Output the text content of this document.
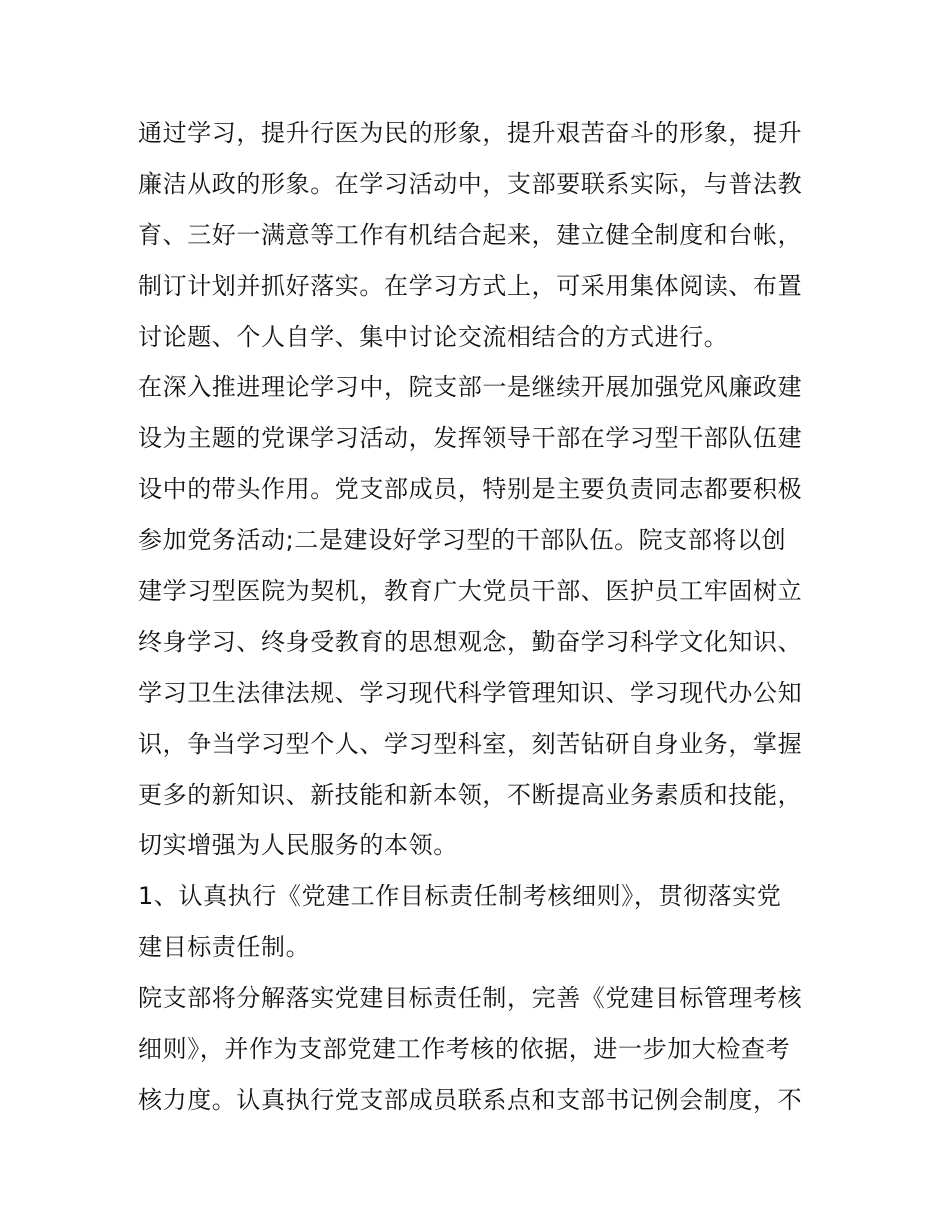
通过学习，提升行医为民的形象，提升艰苦奋斗的形象，提升
廉洁从政的形象。在学习活动中，支部要联系实际，与普法教
育、三好一满意等工作有机结合起来，建立健全制度和台帐，
制订计划并抓好落实。在学习方式上，可采用集体阅读、布置
讨论题、个人自学、集中讨论交流相结合的方式进行。
在深入推进理论学习中，院支部一是继续开展加强党风廉政建
设为主题的党课学习活动，发挥领导干部在学习型干部队伍建
设中的带头作用。党支部成员，特别是主要负责同志都要积极
参加党务活动;二是建设好学习型的干部队伍。院支部将以创
建学习型医院为契机，教育广大党员干部、医护员工牢固树立
终身学习、终身受教育的思想观念，勤奋学习科学文化知识、
学习卫生法律法规、学习现代科学管理知识、学习现代办公知
识，争当学习型个人、学习型科室，刻苦钻研自身业务，掌握
更多的新知识、新技能和新本领，不断提高业务素质和技能，
切实增强为人民服务的本领。
1、认真执行《党建工作目标责任制考核细则》，贯彻落实党
建目标责任制。
院支部将分解落实党建目标责任制，完善《党建目标管理考核
细则》，并作为支部党建工作考核的依据，进一步加大检查考
核力度。认真执行党支部成员联系点和支部书记例会制度，不
